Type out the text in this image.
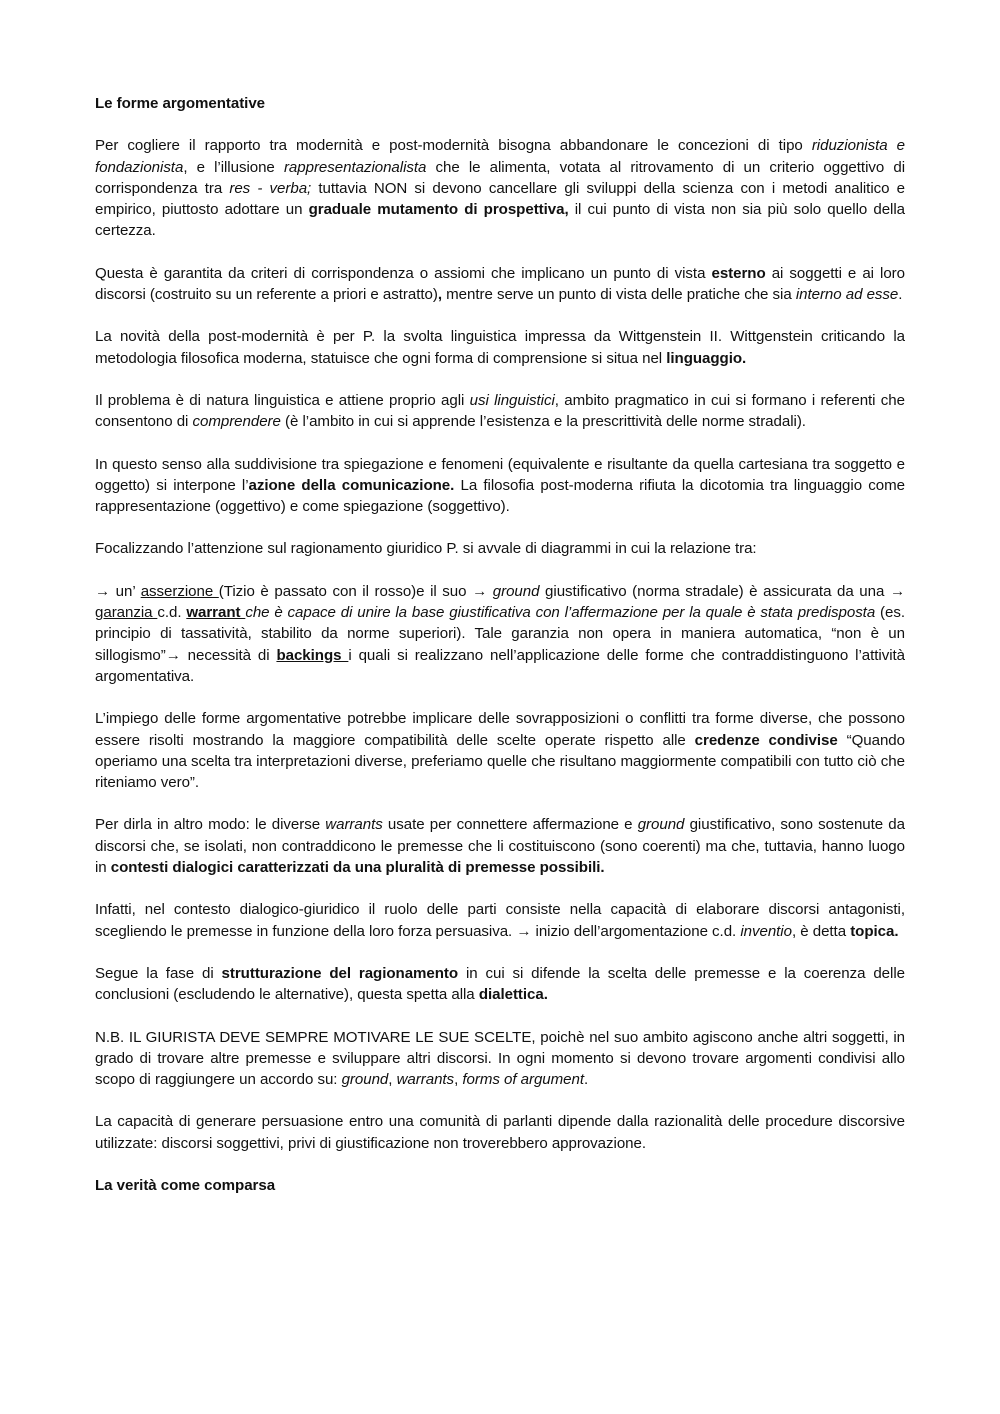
Le forme argomentative

Per cogliere il rapporto tra modernità e post-modernità bisogna abbandonare le concezioni di tipo riduzionista e fondazionista, e l’illusione rappresentazionalista che le alimenta, votata al ritrovamento di un criterio oggettivo di corrispondenza tra res - verba; tuttavia NON si devono cancellare gli sviluppi della scienza con i metodi analitico e empirico, piuttosto adottare un graduale mutamento di prospettiva, il cui punto di vista non sia più solo quello della certezza.

Questa è garantita da criteri di corrispondenza o assiomi che implicano un punto di vista esterno ai soggetti e ai loro discorsi (costruito su un referente a priori e astratto), mentre serve un punto di vista delle pratiche che sia interno ad esse.

La novità della post-modernità è per P. la svolta linguistica impressa da Wittgenstein II. Wittgenstein criticando la metodologia filosofica moderna, statuisce che ogni forma di comprensione si situa nel linguaggio.

Il problema è di natura linguistica e attiene proprio agli usi linguistici, ambito pragmatico in cui si formano i referenti che consentono di comprendere (è l’ambito in cui si apprende l’esistenza e la prescrittività delle norme stradali).

In questo senso alla suddivisione tra spiegazione e fenomeni (equivalente e risultante da quella cartesiana tra soggetto e oggetto) si interpone l’azione della comunicazione. La filosofia post-moderna rifiuta la dicotomia tra linguaggio come rappresentazione (oggettivo) e come spiegazione (soggettivo).

Focalizzando l’attenzione sul ragionamento giuridico P. si avvale di diagrammi in cui la relazione tra:

→ un’ asserzione (Tizio è passato con il rosso)e il suo → ground giustificativo (norma stradale) è assicurata da una → garanzia c.d. warrant che è capace di unire la base giustificativa con l’affermazione per la quale è stata predisposta (es. principio di tassatività, stabilito da norme superiori). Tale garanzia non opera in maniera automatica, “non è un sillogismo”→ necessità di backings i quali si realizzano nell’applicazione delle forme che contraddistinguono l’attività argomentativa.

L’impiego delle forme argomentative potrebbe implicare delle sovrapposizioni o conflitti tra forme diverse, che possono essere risolti mostrando la maggiore compatibilità delle scelte operate rispetto alle credenze condivise “Quando operiamo una scelta tra interpretazioni diverse, preferiamo quelle che risultano maggiormente compatibili con tutto ciò che riteniamo vero”.

Per dirla in altro modo: le diverse warrants usate per connettere affermazione e ground giustificativo, sono sostenute da discorsi che, se isolati, non contraddicono le premesse che li costituiscono (sono coerenti) ma che, tuttavia, hanno luogo in contesti dialogici caratterizzati da una pluralità di premesse possibili.

Infatti, nel contesto dialogico-giuridico il ruolo delle parti consiste nella capacità di elaborare discorsi antagonisti, scegliendo le premesse in funzione della loro forza persuasiva. → inizio dell’argomentazione c.d. inventio, è detta topica.

Segue la fase di strutturazione del ragionamento in cui si difende la scelta delle premesse e la coerenza delle conclusioni (escludendo le alternative), questa spetta alla dialettica.

N.B. IL GIURISTA DEVE SEMPRE MOTIVARE LE SUE SCELTE, poichè nel suo ambito agiscono anche altri soggetti, in grado di trovare altre premesse e sviluppare altri discorsi. In ogni momento si devono trovare argomenti condivisi allo scopo di raggiungere un accordo su: ground, warrants, forms of argument.

La capacità di generare persuasione entro una comunità di parlanti dipende dalla razionalità delle procedure discorsive utilizzate: discorsi soggettivi, privi di giustificazione non troverebbero approvazione.

La verità come comparsa
